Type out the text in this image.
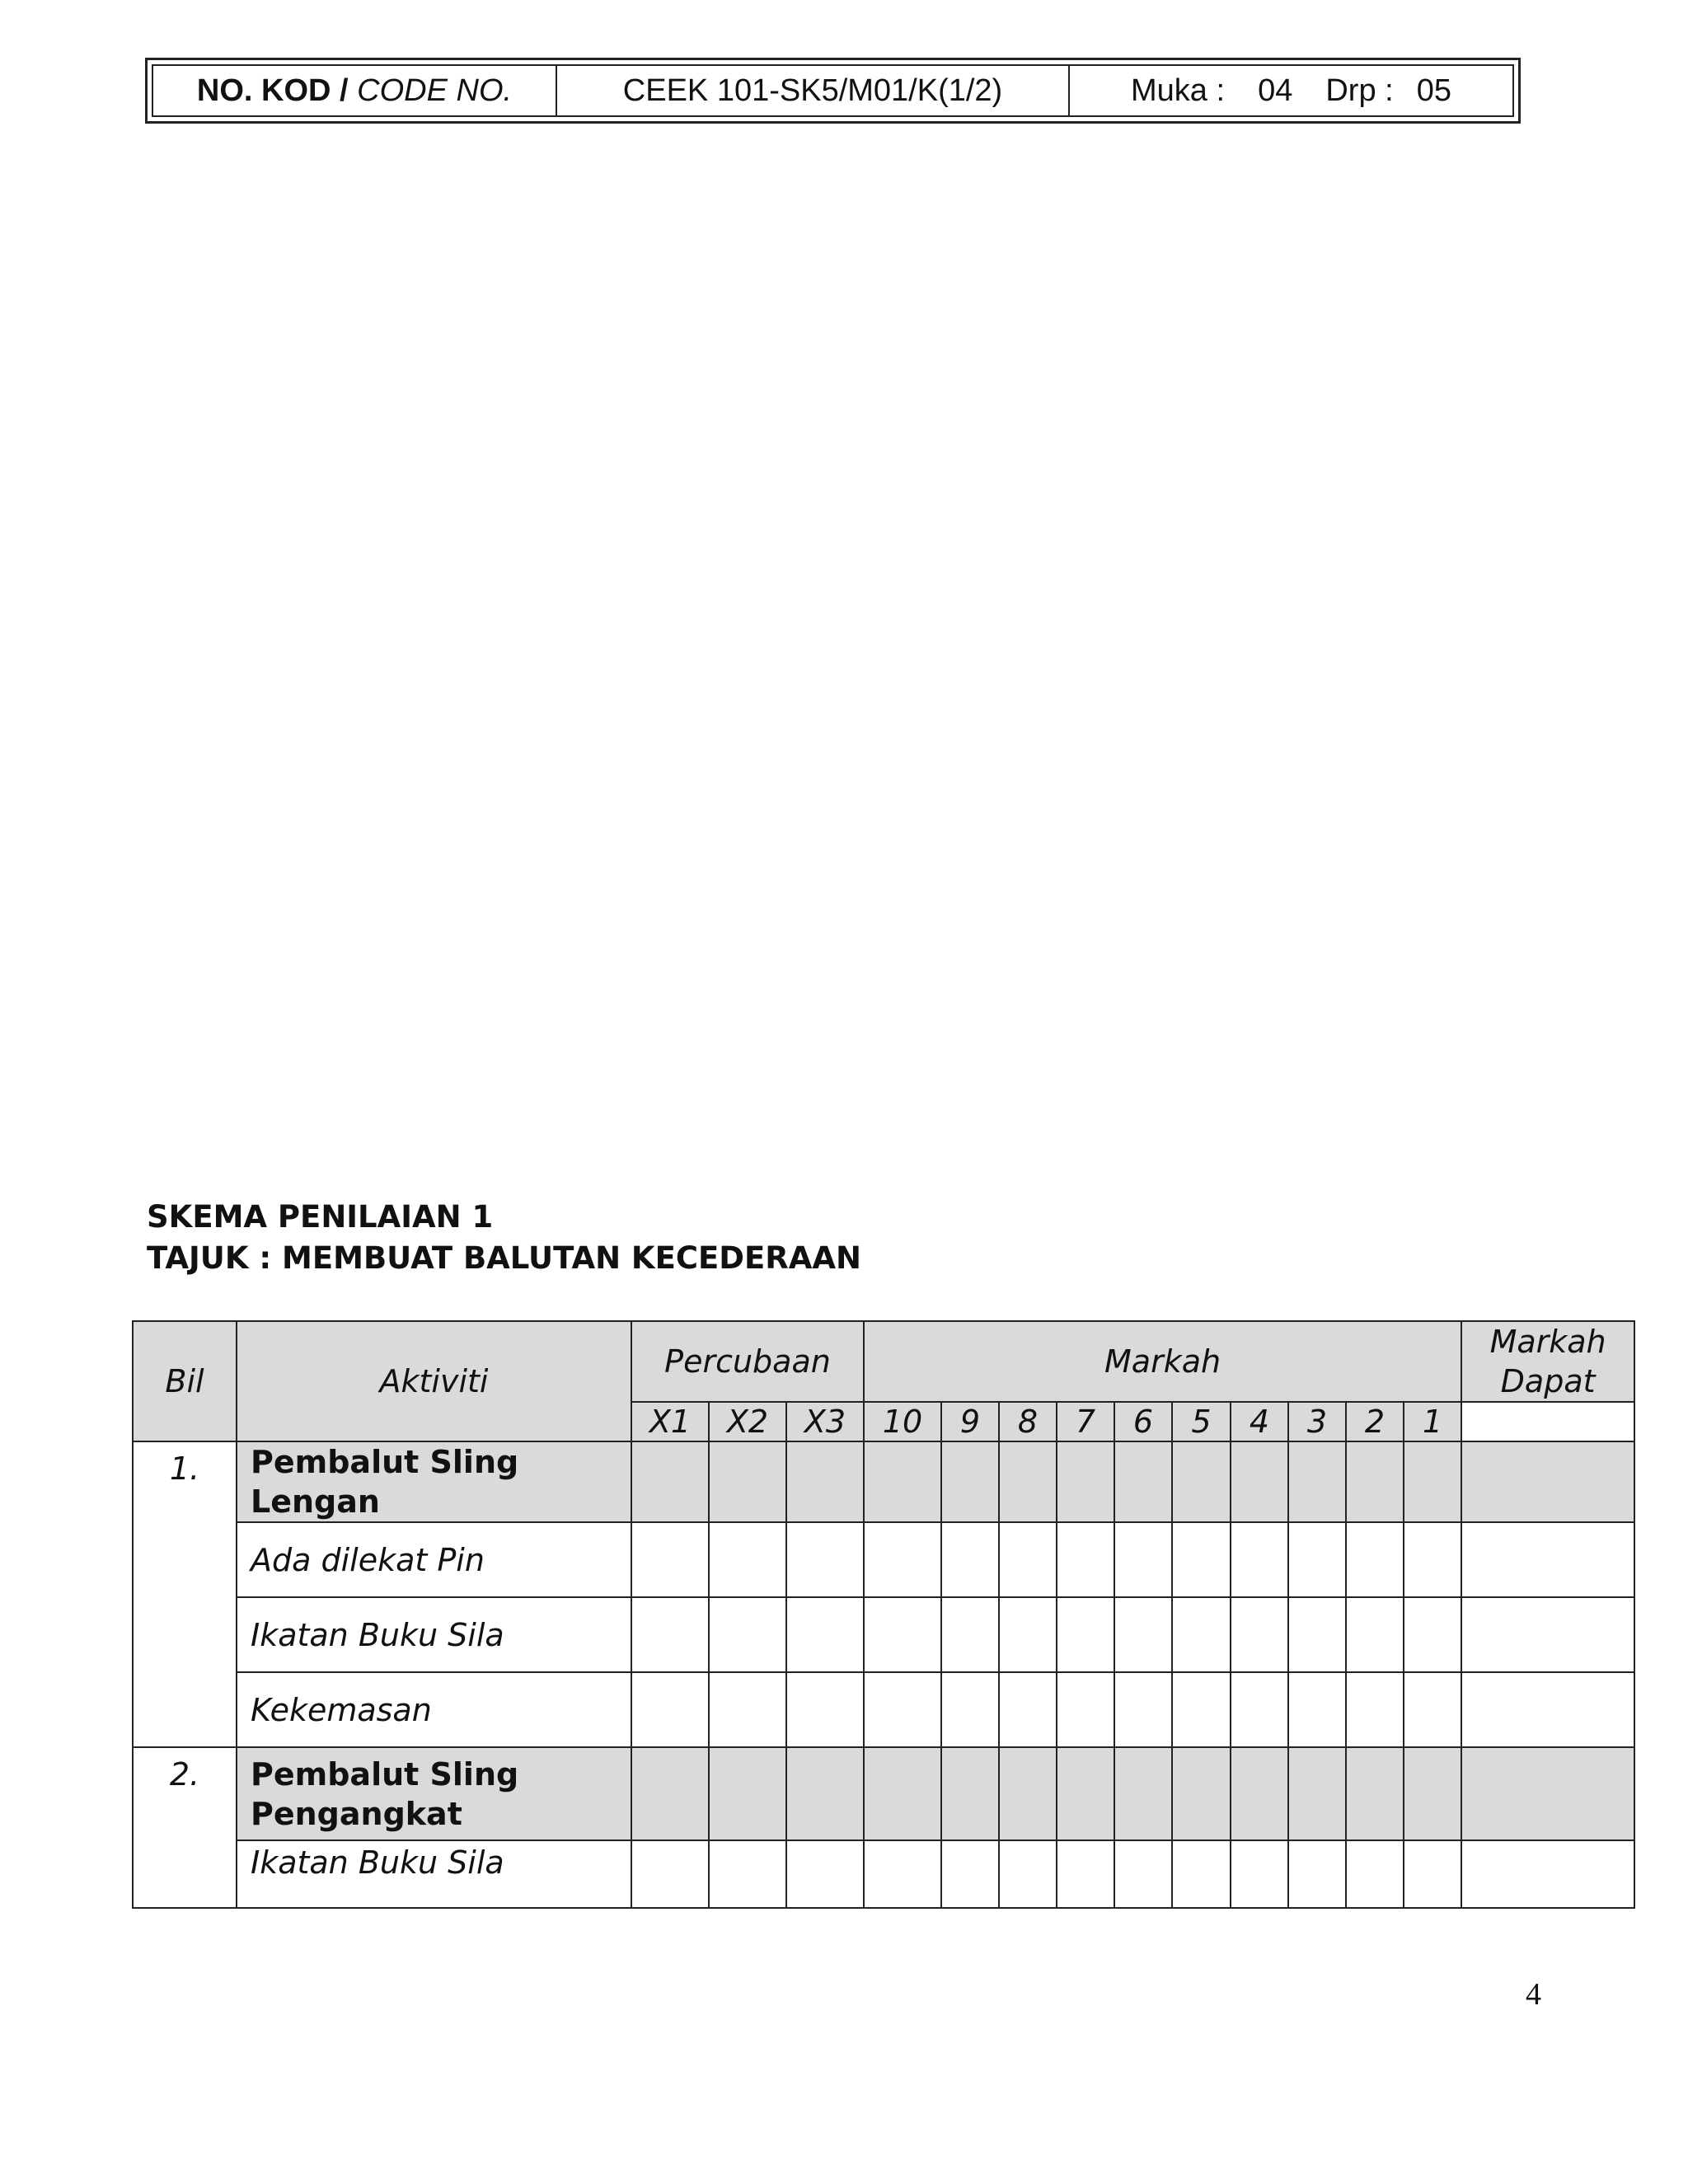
NO. KOD / CODE NO.	CEEK 101-SK5/M01/K(1/2)	Muka : 04 Drp : 05
SKEMA PENILAIAN 1
TAJUK : MEMBUAT BALUTAN KECEDERAAN
Bil	Aktiviti	Percubaan			Markah										Markah Dapat
		X1	X2	X3	10	9	8	7	6	5	4	3	2	1	
1.	Pembalut Sling Lengan														
	Ada dilekat Pin														
	Ikatan Buku Sila														
	Kekemasan														
2.	Pembalut Sling Pengangkat														
	Ikatan Buku Sila														
4
